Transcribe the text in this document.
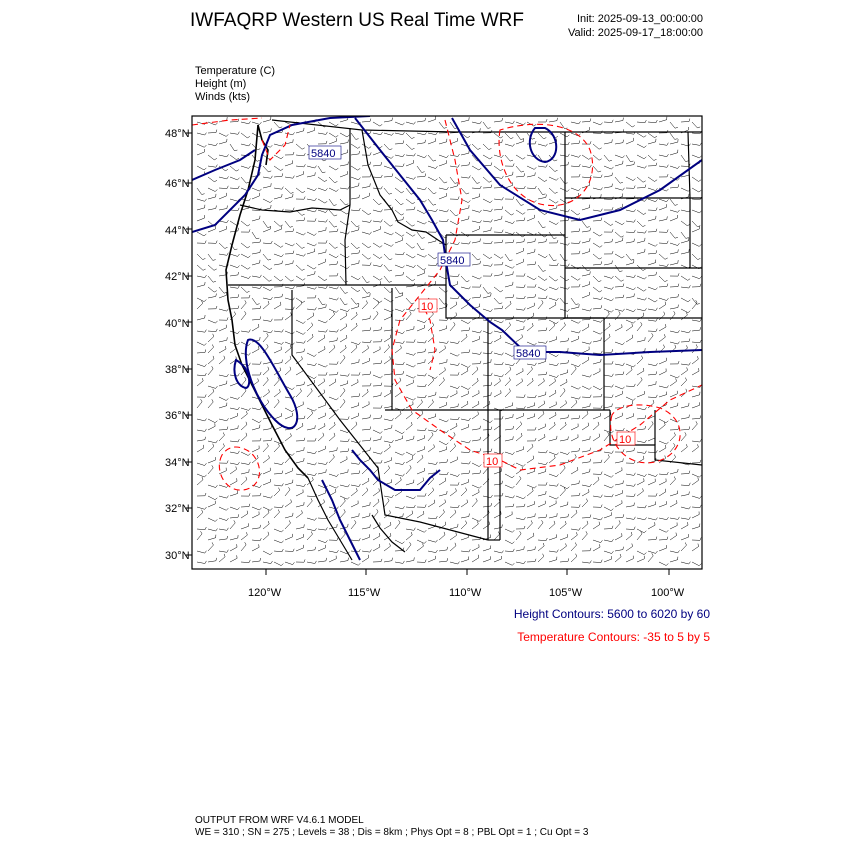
IWFAQRP Western US Real Time WRF	Init: 2025-09-13_00:00:00
Valid: 2025-09-17_18:00:00
Temperature (C)
Height (m)
Winds (kts)
48°N
46°N
44°N
42°N
40°N
38°N
36°N
34°N
32°N
30°N
120°W	115°W	110°W	105°W	100°W
5840
5840
5840
10
10
10
Height Contours: 5600 to 6020 by 60
Temperature Contours: -35 to 5 by 5
OUTPUT FROM WRF V4.6.1 MODEL
WE = 310 ; SN = 275 ; Levels = 38 ; Dis = 8km ; Phys Opt = 8 ; PBL Opt = 1 ; Cu Opt = 3
